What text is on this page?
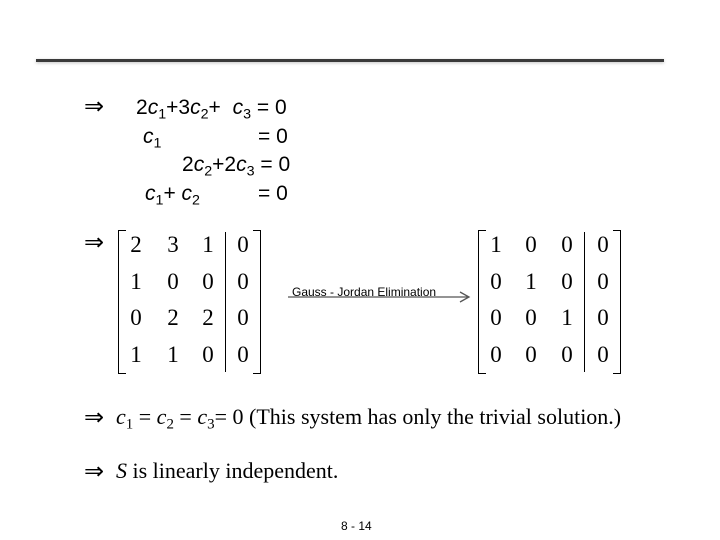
⇒
⇒
⇒
⇒
$2c_1+3c_2+ c_3 = 0$
$c_1$	= 0
$2c_2+2c_3 = 0$
$c_1+ c_2$	= 0
2 3 1 0
1 0 0 0
0 2 2 0
1 1 0 0
Gauss - Jordan Elimination
1 0 0 0
0 1 0 0
0 0 1 0
0 0 0 0
$c_1 = c_2 = c_3= 0$ (This system has only the trivial solution.)
S is linearly independent.
8 - 14
